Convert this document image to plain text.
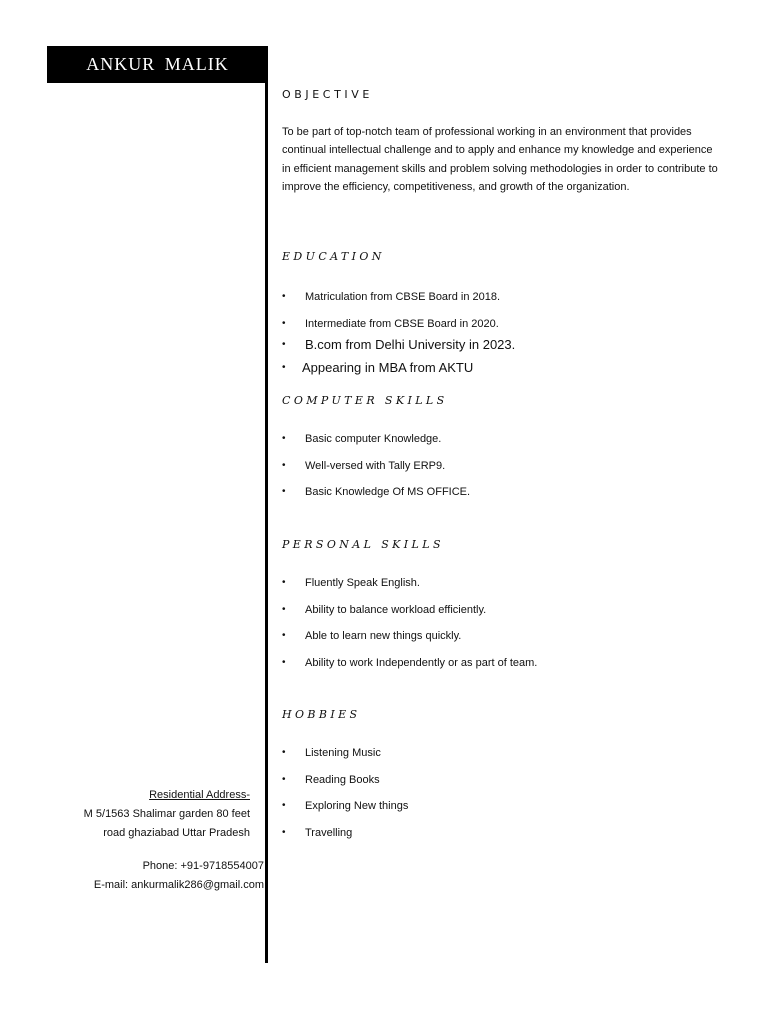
ANKUR MALIK
OBJECTIVE
To be part of top-notch team of professional working in an environment that provides continual intellectual challenge and to apply and enhance my knowledge and experience in efficient management skills and problem solving methodologies in order to contribute to improve the efficiency, competitiveness, and growth of the organization.
EDUCATION
• Matriculation from CBSE Board in 2018.
• Intermediate from CBSE Board in 2020.
• B.com from Delhi University in 2023.
• Appearing in MBA from AKTU
COMPUTER SKILLS
• Basic computer Knowledge.
• Well-versed with Tally ERP9.
• Basic Knowledge Of MS OFFICE.
PERSONAL SKILLS
• Fluently Speak English.
• Ability to balance workload efficiently.
• Able to learn new things quickly.
• Ability to work Independently or as part of team.
HOBBIES
• Listening Music
• Reading Books
• Exploring New things
• Travelling
Residential Address-
M 5/1563 Shalimar garden 80 feet
road ghaziabad Uttar Pradesh
Phone: +91-9718554007
E-mail: ankurmalik286@gmail.com
